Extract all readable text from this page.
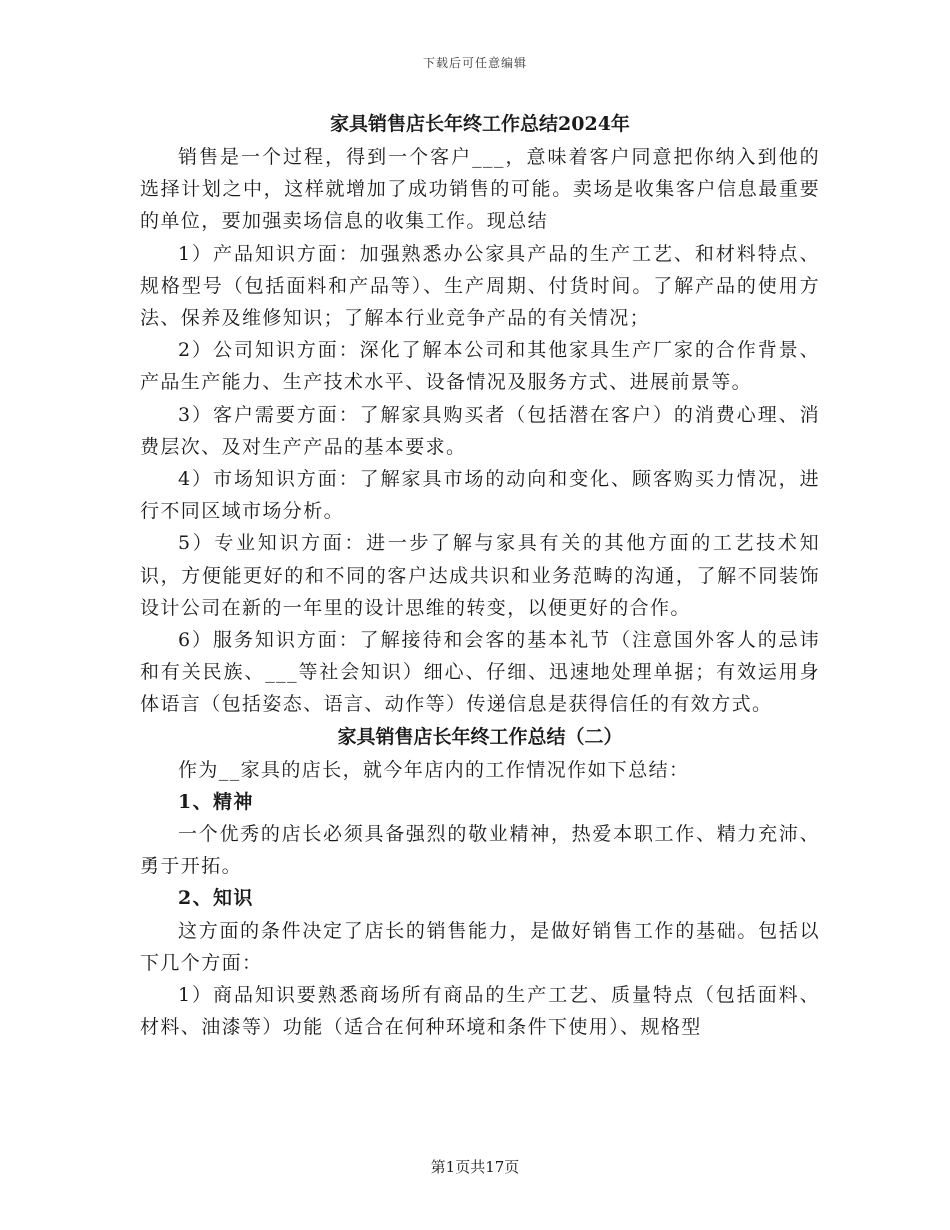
下载后可任意编辑
家具销售店长年终工作总结2024年

销售是一个过程，得到一个客户___，意味着客户同意把你纳入到他的选择计划之中，这样就增加了成功销售的可能。卖场是收集客户信息最重要的单位，要加强卖场信息的收集工作。现总结

1）产品知识方面：加强熟悉办公家具产品的生产工艺、和材料特点、规格型号（包括面料和产品等）、生产周期、付货时间。了解产品的使用方法、保养及维修知识；了解本行业竞争产品的有关情况；

2）公司知识方面：深化了解本公司和其他家具生产厂家的合作背景、产品生产能力、生产技术水平、设备情况及服务方式、进展前景等。

3）客户需要方面：了解家具购买者（包括潜在客户）的消费心理、消费层次、及对生产产品的基本要求。

4）市场知识方面：了解家具市场的动向和变化、顾客购买力情况，进行不同区域市场分析。

5）专业知识方面：进一步了解与家具有关的其他方面的工艺技术知识，方便能更好的和不同的客户达成共识和业务范畴的沟通，了解不同装饰设计公司在新的一年里的设计思维的转变，以便更好的合作。

6）服务知识方面：了解接待和会客的基本礼节（注意国外客人的忌讳和有关民族、___等社会知识）细心、仔细、迅速地处理单据；有效运用身体语言（包括姿态、语言、动作等）传递信息是获得信任的有效方式。

家具销售店长年终工作总结（二）

作为__家具的店长，就今年店内的工作情况作如下总结：

1、精神

一个优秀的店长必须具备强烈的敬业精神，热爱本职工作、精力充沛、勇于开拓。

2、知识

这方面的条件决定了店长的销售能力，是做好销售工作的基础。包括以下几个方面：

1）商品知识要熟悉商场所有商品的生产工艺、质量特点（包括面料、材料、油漆等）功能（适合在何种环境和条件下使用）、规格型

第1页共17页
